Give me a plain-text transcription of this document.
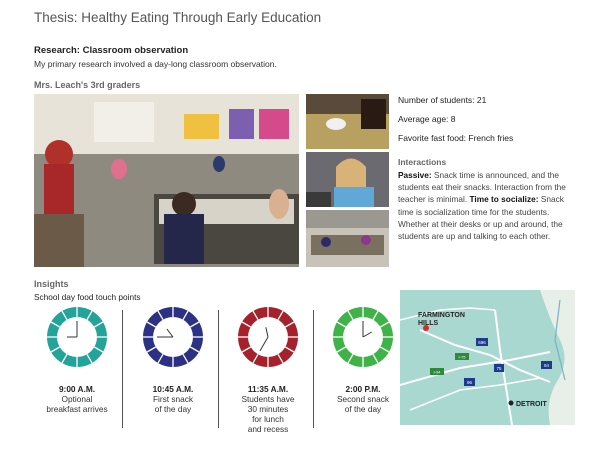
Thesis: Healthy Eating Through Early Education
Research: Classroom observation
My primary research involved a day-long classroom observation.
Mrs. Leach's 3rd graders
Number of students: 21
Average age: 8
Favorite fast food: French fries
Interactions
Passive: Snack time is announced, and the students eat their snacks. Interaction from the teacher is minimal. Time to socialize: Snack time is socialization time for the students. Whether at their desks or up and around, the students are up and talking to each other.
Insights
School day food touch points
9:00 A.M.
Optional
breakfast arrives
10:45 A.M.
First snack
of the day
11:35 A.M.
Students have
30 minutes
for lunch
and recess
2:00 P.M.
Second snack
of the day
696
I-75
75
94
I-94
96
FARMINGTON
HILLS
DETROIT
